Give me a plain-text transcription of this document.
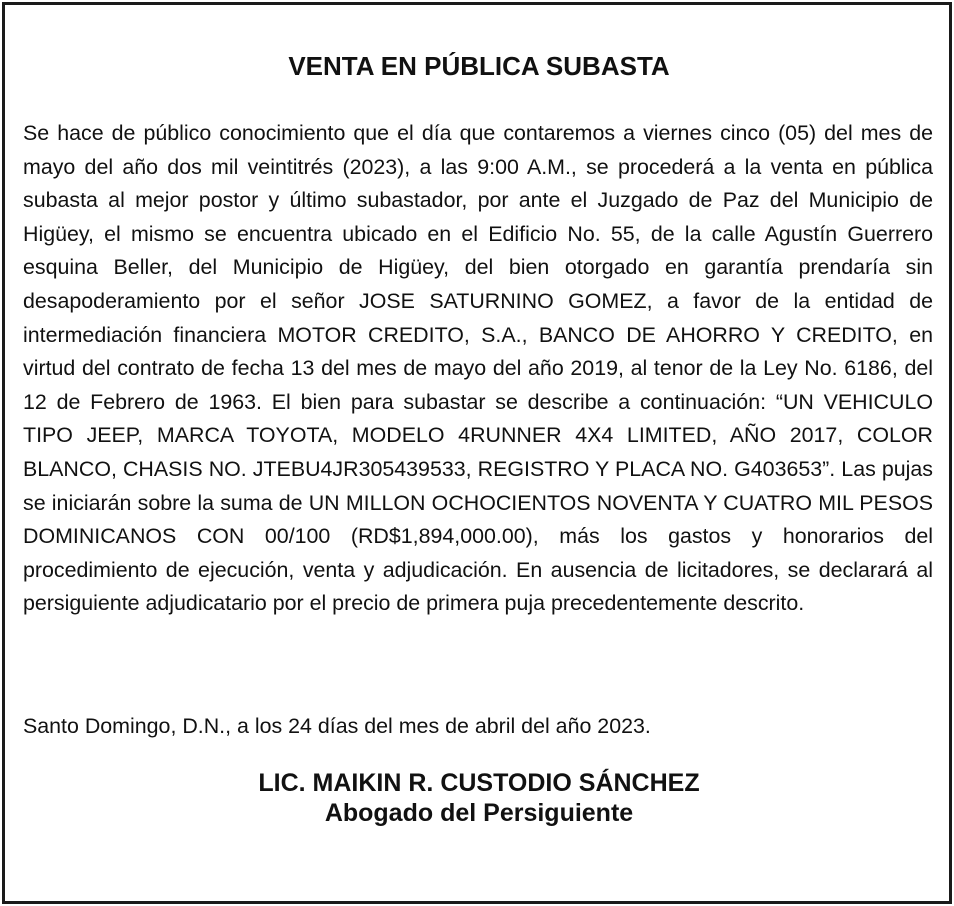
VENTA EN PÚBLICA SUBASTA

Se hace de público conocimiento que el día que contaremos a viernes cinco (05) del mes de mayo del año dos mil veintitrés (2023), a las 9:00 A.M., se procederá a la venta en pública subasta al mejor postor y último subastador, por ante el Juzgado de Paz del Municipio de Higüey, el mismo se encuentra ubicado en el Edificio No. 55, de la calle Agustín Guerrero esquina Beller, del Municipio de Higüey, del bien otorgado en garantía prendaría sin desapoderamiento por el señor JOSE SATURNINO GOMEZ, a favor de la entidad de intermediación financiera MOTOR CREDITO, S.A., BANCO DE AHORRO Y CREDITO, en virtud del contrato de fecha 13 del mes de mayo del año 2019, al tenor de la Ley No. 6186, del 12 de Febrero de 1963. El bien para subastar se describe a continuación: “UN VEHICULO TIPO JEEP, MARCA TOYOTA, MODELO 4RUNNER 4X4 LIMITED, AÑO 2017, COLOR BLANCO, CHASIS NO. JTEBU4JR305439533, REGISTRO Y PLACA NO. G403653”. Las pujas se iniciarán sobre la suma de UN MILLON OCHOCIENTOS NOVENTA Y CUATRO MIL PESOS DOMINICANOS CON 00/100 (RD$1,894,000.00), más los gastos y honorarios del procedimiento de ejecución, venta y adjudicación. En ausencia de licitadores, se declarará al persiguiente adjudicatario por el precio de primera puja precedentemente descrito.

Santo Domingo, D.N., a los 24 días del mes de abril del año 2023.

LIC. MAIKIN R. CUSTODIO SÁNCHEZ

Abogado del Persiguiente
